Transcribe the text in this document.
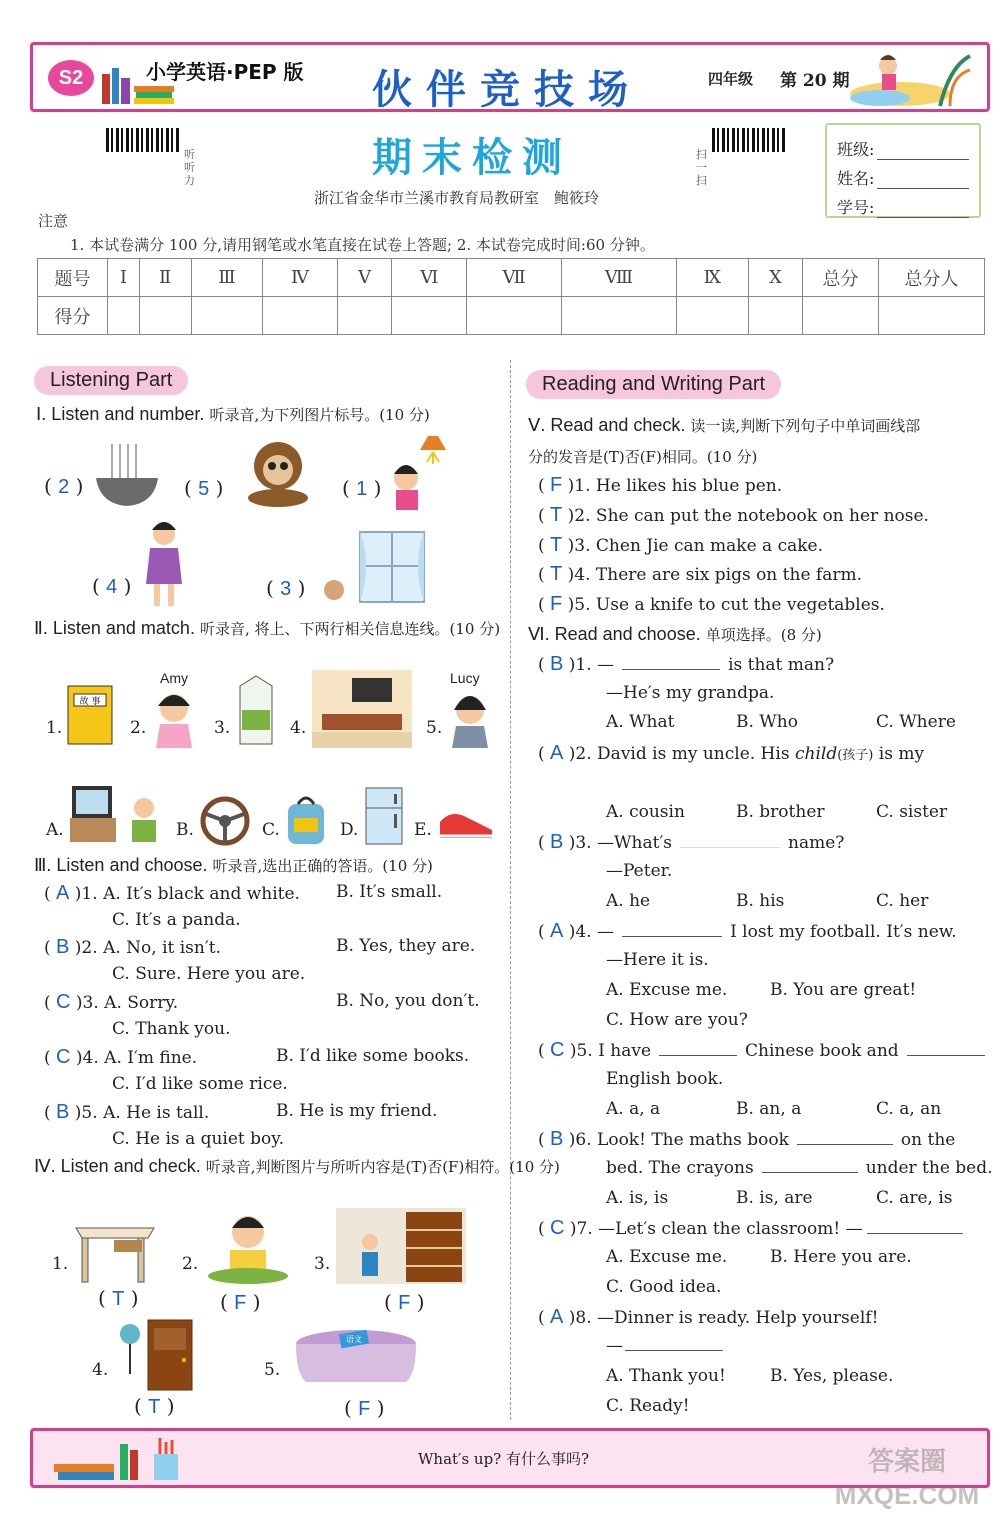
S2	小学英语·PEP 版 伙伴竞技场	四年级 第 20 期
听听力	期末检测
浙江省金华市兰溪市教育局教研室　鲍筱玲
扫一扫
班级:
姓名:
学号:
注意
1. 本试卷满分 100 分,请用钢笔或水笔直接在试卷上答题; 2. 本试卷完成时间:60 分钟。
题号	Ⅰ	Ⅱ	Ⅲ	Ⅳ	Ⅴ	Ⅵ	Ⅶ	Ⅷ	Ⅸ	Ⅹ	总分	总分人
得分												
Listening Part
Ⅰ. Listen and number. 听录音,为下列图片标号。(10 分)
( 2 )	( 5 )	( 1 )
( 4 )	( 3 )
Ⅱ. Listen and match. 听录音, 将上、下两行相关信息连线。(10 分)
Amy	Lucy
1.
故 事
2.	3.	4.	5.
A.	B.	C.	D.	E.
Ⅲ. Listen and choose. 听录音,选出正确的答语。(10 分)
( A )1. A. It′s black and white. B. It′s small.
C. It′s a panda.
( B )2. A. No, it isn′t.	B. Yes, they are.
C. Sure. Here you are.
( C )3. A. Sorry.	B. No, you don′t.
C. Thank you.
( C )4. A. I′m fine.	B. I′d like some books.
C. I′d like some rice.
( B )5. A. He is tall.	B. He is my friend.
C. He is a quiet boy.
Ⅳ. Listen and check. 听录音,判断图片与所听内容是(T)否(F)相符。(10 分)
1.
( T )
2.
( F )
3.
( F )
4.
( T )
5.
语文
( F )
Reading and Writing Part
Ⅴ. Read and check. 读一读,判断下列句子中单词画线部
分的发音是(T)否(F)相同。(10 分)
( F )1. He likes his blue pen.
( T )2. She can put the notebook on her nose.
( T )3. Chen Jie can make a cake.
( T )4. There are six pigs on the farm.
( F )5. Use a knife to cut the vegetables.
Ⅵ. Read and choose. 单项选择。(8 分)
( B )1. —	is that man?
—He′s my grandpa.
A. What	B. Who	C. Where
( A )2. David is my uncle. His child(孩子) is my
A. cousin	B. brother	C. sister
( B )3. —What′s	name?
—Peter.
A. he	B. his	C. her
( A )4. —	I lost my football. It′s new.
—Here it is.
A. Excuse me.	B. You are great!
C. How are you?
( C )5. I have	Chinese book and
English book.
A. a, a	B. an, a	C. a, an
( B )6. Look! The maths book	on the
bed. The crayons	under the bed.
A. is, is	B. is, are	C. are, is
( C )7. —Let′s clean the classroom! —
A. Excuse me.	B. Here you are.
C. Good idea.
( A )8. —Dinner is ready. Help yourself!
—
A. Thank you!	B. Yes, please.
C. Ready!
What′s up? 有什么事吗?	答案圈 MXQE.COM
